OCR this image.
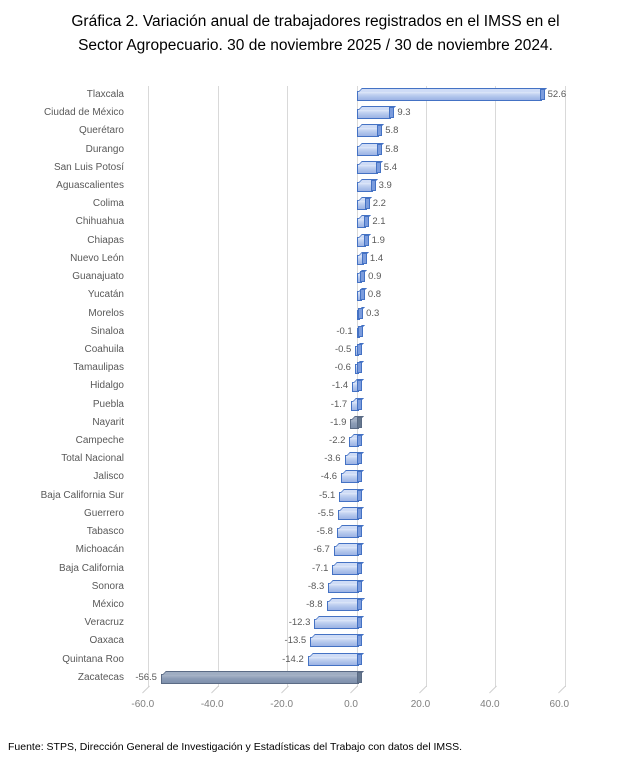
Gráfica 2. Variación anual de trabajadores registrados en el IMSS en el
Sector Agropecuario. 30 de noviembre 2025 / 30 de noviembre 2024.
-60.0	-40.0	-20.0	0.0	20.0	40.0	60.0
Tlaxcala	52.6
Ciudad de México	9.3
Querétaro	5.8
Durango	5.8
San Luis Potosí	5.4
Aguascalientes	3.9
Colima	2.2
Chihuahua	2.1
Chiapas	1.9
Nuevo León	1.4
Guanajuato	0.9
Yucatán	0.8
Morelos	0.3
Sinaloa	-0.1
Coahuila	-0.5
Tamaulipas	-0.6
Hidalgo	-1.4
Puebla	-1.7
Nayarit	-1.9
Campeche	-2.2
Total Nacional	-3.6
Jalisco	-4.6
Baja California Sur	-5.1
Guerrero	-5.5
Tabasco	-5.8
Michoacán	-6.7
Baja California	-7.1
Sonora	-8.3
México	-8.8
Veracruz	-12.3
Oaxaca	-13.5
Quintana Roo	-14.2
Zacatecas	-56.5
Fuente: STPS, Dirección General de Investigación y Estadísticas del Trabajo con datos del IMSS.
